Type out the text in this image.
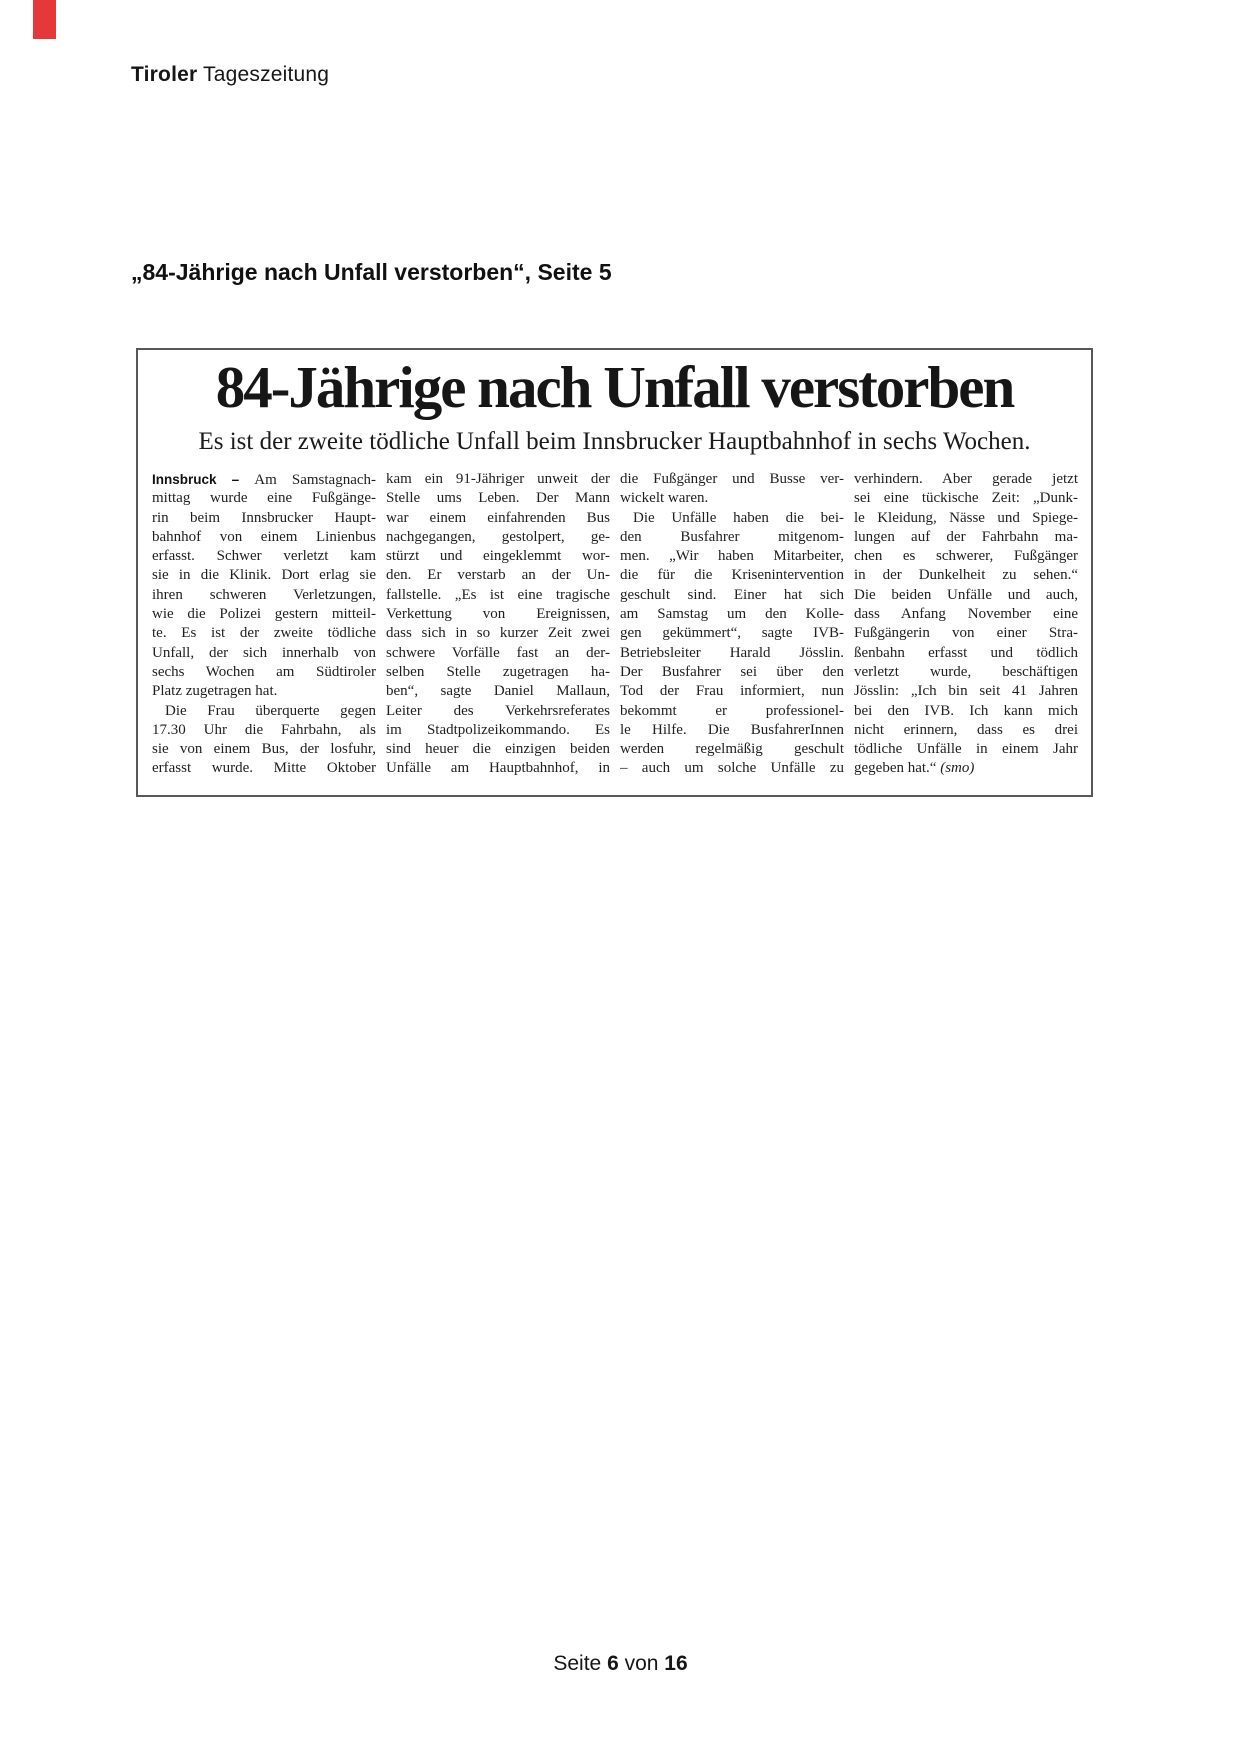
Tiroler Tageszeitung
„84-Jährige nach Unfall verstorben“, Seite 5
84-Jährige nach Unfall verstorben
Es ist der zweite tödliche Unfall beim Innsbrucker Hauptbahnhof in sechs Wochen.
Innsbruck – Am Samstagnach-
mittag wurde eine Fußgänge-
rin beim Innsbrucker Haupt-
bahnhof von einem Linienbus
erfasst. Schwer verletzt kam
sie in die Klinik. Dort erlag sie
ihren schweren Verletzungen,
wie die Polizei gestern mitteil-
te. Es ist der zweite tödliche
Unfall, der sich innerhalb von
sechs Wochen am Südtiroler
Platz zugetragen hat.
Die Frau überquerte gegen
17.30 Uhr die Fahrbahn, als
sie von einem Bus, der losfuhr,
erfasst wurde. Mitte Oktober
kam ein 91-Jähriger unweit der
Stelle ums Leben. Der Mann
war einem einfahrenden Bus
nachgegangen, gestolpert, ge-
stürzt und eingeklemmt wor-
den. Er verstarb an der Un-
fallstelle. „Es ist eine tragische
Verkettung von Ereignissen,
dass sich in so kurzer Zeit zwei
schwere Vorfälle fast an der-
selben Stelle zugetragen ha-
ben“, sagte Daniel Mallaun,
Leiter des Verkehrsreferates
im Stadtpolizeikommando. Es
sind heuer die einzigen beiden
Unfälle am Hauptbahnhof, in
die Fußgänger und Busse ver-
wickelt waren.
Die Unfälle haben die bei-
den Busfahrer mitgenom-
men. „Wir haben Mitarbeiter,
die für die Krisenintervention
geschult sind. Einer hat sich
am Samstag um den Kolle-
gen gekümmert“, sagte IVB-
Betriebsleiter Harald Jösslin.
Der Busfahrer sei über den
Tod der Frau informiert, nun
bekommt er professionel-
le Hilfe. Die BusfahrerInnen
werden regelmäßig geschult
– auch um solche Unfälle zu
verhindern. Aber gerade jetzt
sei eine tückische Zeit: „Dunk-
le Kleidung, Nässe und Spiege-
lungen auf der Fahrbahn ma-
chen es schwerer, Fußgänger
in der Dunkelheit zu sehen.“
Die beiden Unfälle und auch,
dass Anfang November eine
Fußgängerin von einer Stra-
ßenbahn erfasst und tödlich
verletzt wurde, beschäftigen
Jösslin: „Ich bin seit 41 Jahren
bei den IVB. Ich kann mich
nicht erinnern, dass es drei
tödliche Unfälle in einem Jahr
gegeben hat.“ (smo)
Seite 6 von 16
